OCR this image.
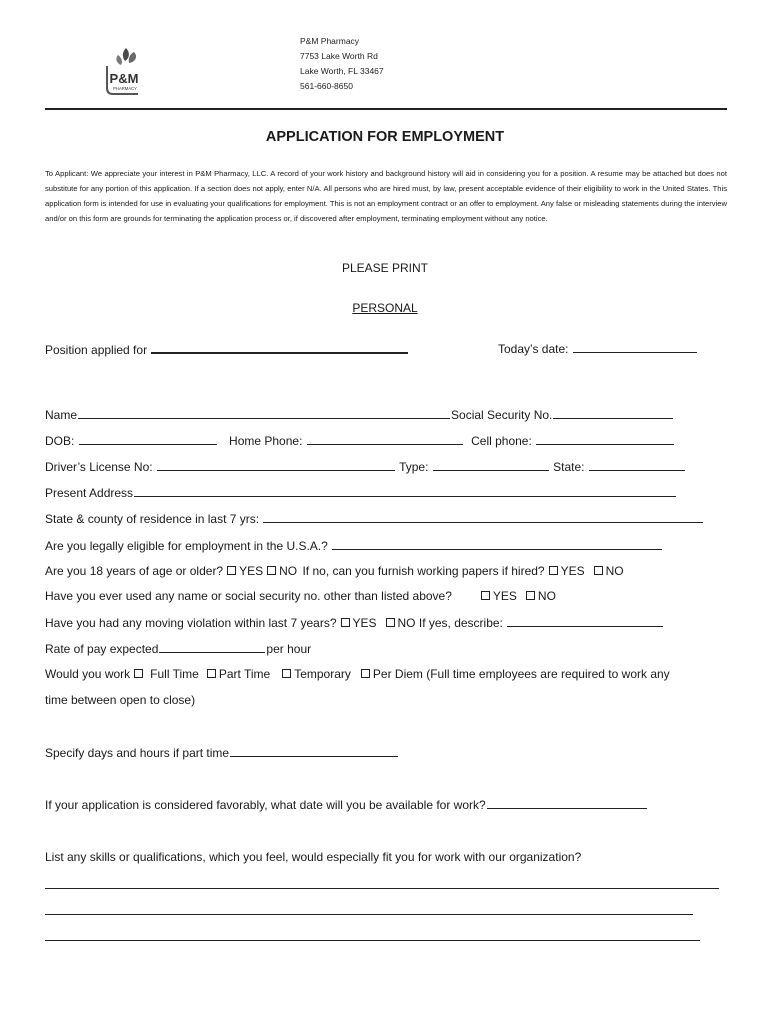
P&M
PHARMACY
P&M Pharmacy
7753 Lake Worth Rd
Lake Worth, FL 33467
561-660-8650
APPLICATION FOR EMPLOYMENT
To Applicant: We appreciate your interest in P&M Pharmacy, LLC. A record of your work history and background history will aid in considering you for a position. A resume may be attached but does not substitute for any portion of this application. If a section does not apply, enter N/A. All persons who are hired must, by law, present acceptable evidence of their eligibility to work in the United States. This application form is intended for use in evaluating your qualifications for employment. This is not an employment contract or an offer to employment. Any false or misleading statements during the interview and/or on this form are grounds for terminating the application process or, if discovered after employment, terminating employment without any notice.
PLEASE PRINT
PERSONAL
Position applied for	Today’s date:
Name	Social Security No.
DOB:	Home Phone:	Cell phone:
Driver’s License No:	Type:	State:
Present Address
State & county of residence in last 7 yrs:
Are you legally eligible for employment in the U.S.A.?
Are you 18 years of age or older? YES NO If no, can you furnish working papers if hired? YES NO
Have you ever used any name or social security no. other than listed above?	YES NO
Have you had any moving violation within last 7 years? YES NO If yes, describe:
Rate of pay expected	per hour
Would you work Full Time Part Time Temporary Per Diem (Full time employees are required to work any
time between open to close)
Specify days and hours if part time
If your application is considered favorably, what date will you be available for work?
List any skills or qualifications, which you feel, would especially fit you for work with our organization?
